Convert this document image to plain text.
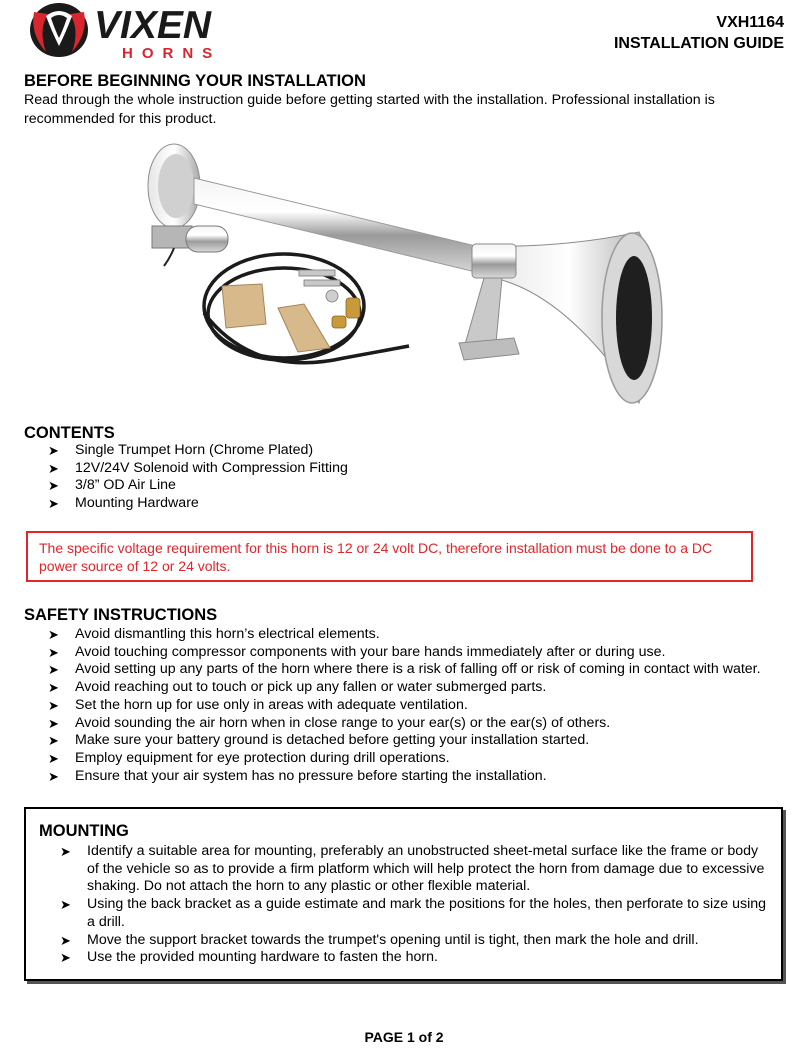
VIXEN
HORNS
VXH1164
INSTALLATION GUIDE
BEFORE BEGINNING YOUR INSTALLATION
Read through the whole instruction guide before getting started with the installation. Professional installation is recommended for this product.
CONTENTS
➤ Single Trumpet Horn (Chrome Plated)
➤ 12V/24V Solenoid with Compression Fitting
➤ 3/8” OD Air Line
➤ Mounting Hardware
The specific voltage requirement for this horn is 12 or 24 volt DC, therefore installation must be done to a DC power source of 12 or 24 volts.
SAFETY INSTRUCTIONS
➤ Avoid dismantling this horn’s electrical elements.
➤ Avoid touching compressor components with your bare hands immediately after or during use.
➤ Avoid setting up any parts of the horn where there is a risk of falling off or risk of coming in contact with water.
➤ Avoid reaching out to touch or pick up any fallen or water submerged parts.
➤ Set the horn up for use only in areas with adequate ventilation.
➤ Avoid sounding the air horn when in close range to your ear(s) or the ear(s) of others.
➤ Make sure your battery ground is detached before getting your installation started.
➤ Employ equipment for eye protection during drill operations.
➤ Ensure that your air system has no pressure before starting the installation.
MOUNTING
➤ Identify a suitable area for mounting, preferably an unobstructed sheet-metal surface like the frame or body of the vehicle so as to provide a firm platform which will help protect the horn from damage due to excessive shaking. Do not attach the horn to any plastic or other flexible material.
➤ Using the back bracket as a guide estimate and mark the positions for the holes, then perforate to size using a drill.
➤ Move the support bracket towards the trumpet's opening until is tight, then mark the hole and drill.
➤ Use the provided mounting hardware to fasten the horn.
PAGE 1 of 2
